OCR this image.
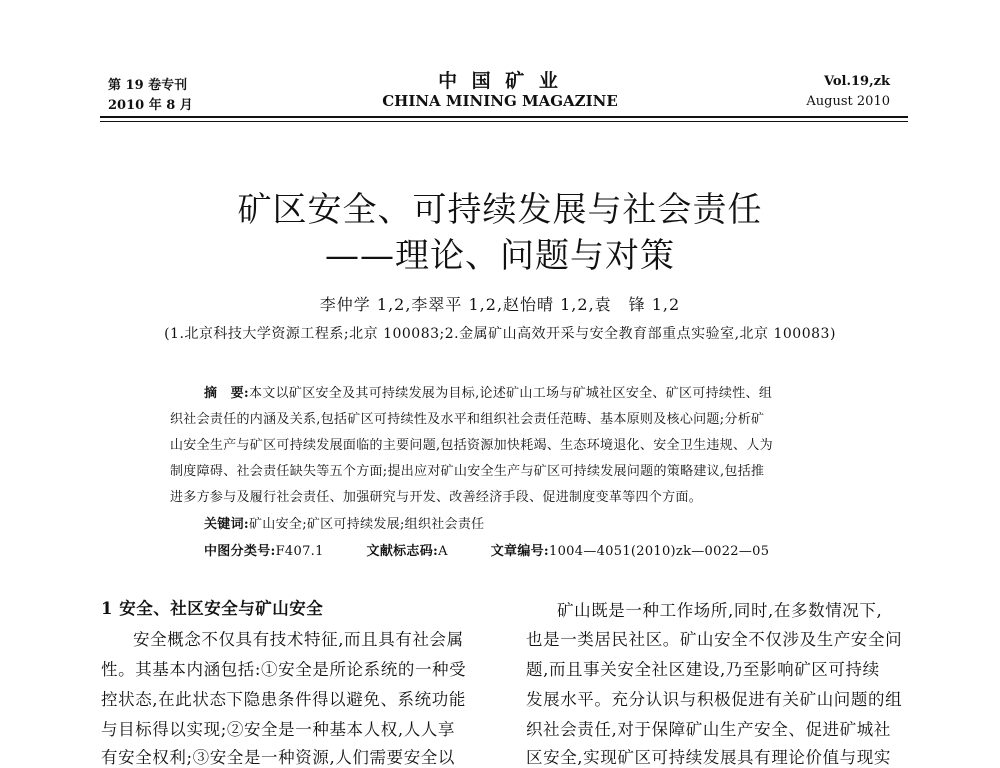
第 19 卷专刊
2010 年 8 月
中 国 矿 业
CHINA MINING MAGAZINE
Vol.19,zk
August 2010
矿区安全、可持续发展与社会责任
——理论、问题与对策
李仲学 1,2,李翠平 1,2,赵怡晴 1,2,袁　锋 1,2
(1.北京科技大学资源工程系;北京 100083;2.金属矿山高效开采与安全教育部重点实验室,北京 100083)
摘　要:本文以矿区安全及其可持续发展为目标,论述矿山工场与矿城社区安全、矿区可持续性、组
织社会责任的内涵及关系,包括矿区可持续性及水平和组织社会责任范畴、基本原则及核心问题;分析矿
山安全生产与矿区可持续发展面临的主要问题,包括资源加快耗竭、生态环境退化、安全卫生违规、人为
制度障碍、社会责任缺失等五个方面;提出应对矿山安全生产与矿区可持续发展问题的策略建议,包括推
进多方参与及履行社会责任、加强研究与开发、改善经济手段、促进制度变革等四个方面。
关键词:矿山安全;矿区可持续发展;组织社会责任
中图分类号:F407.1	文献标志码:A	文章编号:1004—4051(2010)zk—0022—05
1 安全、社区安全与矿山安全
安全概念不仅具有技术特征,而且具有社会属
性。其基本内涵包括:①安全是所论系统的一种受
控状态,在此状态下隐患条件得以避免、系统功能
与目标得以实现;②安全是一种基本人权,人人享
有安全权利;③安全是一种资源,人们需要安全以
矿山既是一种工作场所,同时,在多数情况下,
也是一类居民社区。矿山安全不仅涉及生产安全问
题,而且事关安全社区建设,乃至影响矿区可持续
发展水平。充分认识与积极促进有关矿山问题的组
织社会责任,对于保障矿山生产安全、促进矿城社
区安全,实现矿区可持续发展具有理论价值与现实
